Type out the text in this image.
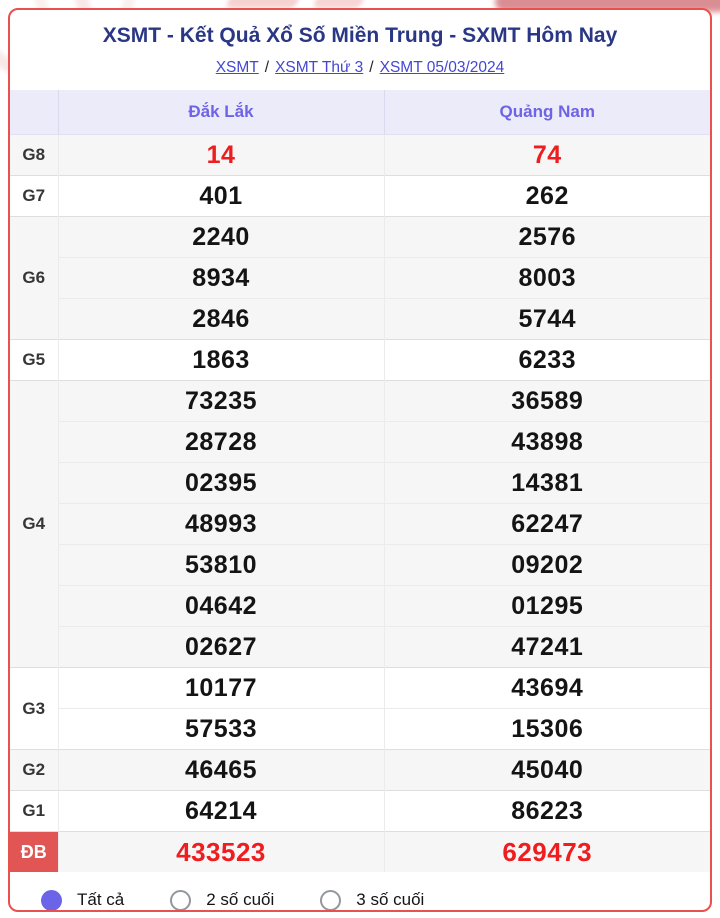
XSMT - Kết Quả Xổ Số Miền Trung - SXMT Hôm Nay
XSMT / XSMT Thứ 3 / XSMT 05/03/2024
	Đắk Lắk	Quảng Nam
G8	14	74
G7	401	262
G6	2240	2576
	8934	8003
	2846	5744
G5	1863	6233
G4	73235	36589
	28728	43898
	02395	14381
	48993	62247
	53810	09202
	04642	01295
	02627	47241
G3	10177	43694
	57533	15306
G2	46465	45040
G1	64214	86223
ĐB	433523	629473
Tất cả	2 số cuối	3 số cuối
